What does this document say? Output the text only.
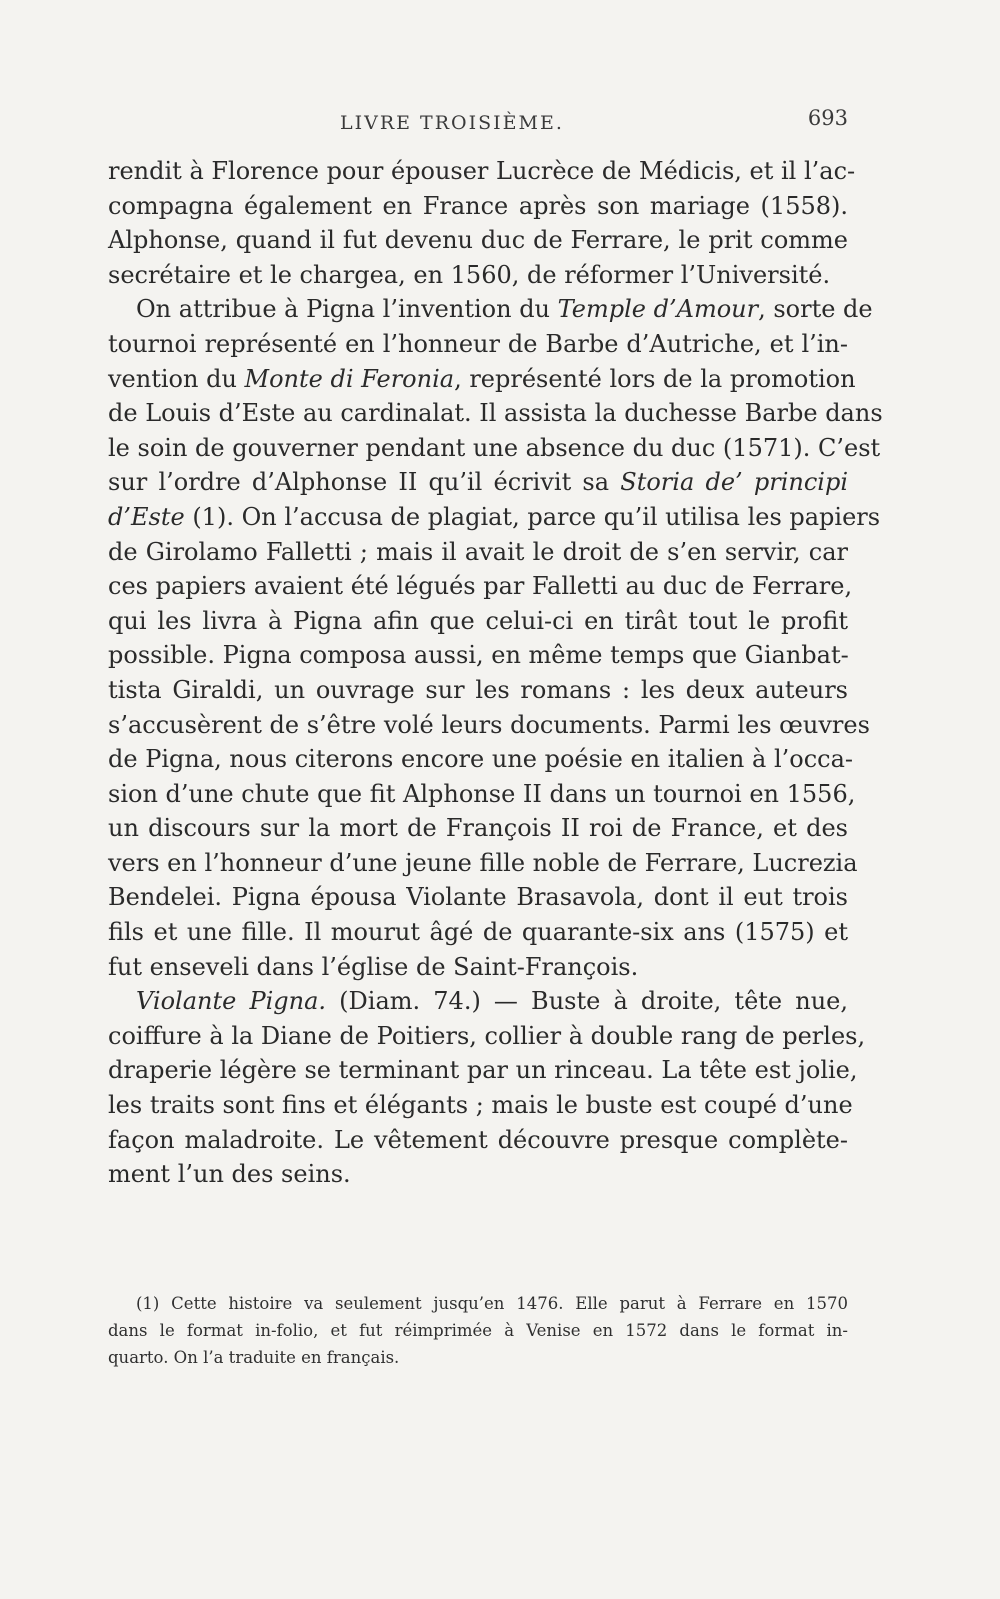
LIVRE TROISIÈME.	693
rendit à Florence pour épouser Lucrèce de Médicis, et il l’ac-
compagna également en France après son mariage (1558).
Alphonse, quand il fut devenu duc de Ferrare, le prit comme
secrétaire et le chargea, en 1560, de réformer l’Université.
On attribue à Pigna l’invention du Temple d’Amour, sorte de
tournoi représenté en l’honneur de Barbe d’Autriche, et l’in-
vention du Monte di Feronia, représenté lors de la promotion
de Louis d’Este au cardinalat. Il assista la duchesse Barbe dans
le soin de gouverner pendant une absence du duc (1571). C’est
sur l’ordre d’Alphonse II qu’il écrivit sa Storia de’ principi
d’Este (1). On l’accusa de plagiat, parce qu’il utilisa les papiers
de Girolamo Falletti ; mais il avait le droit de s’en servir, car
ces papiers avaient été légués par Falletti au duc de Ferrare,
qui les livra à Pigna afin que celui-ci en tirât tout le profit
possible. Pigna composa aussi, en même temps que Gianbat-
tista Giraldi, un ouvrage sur les romans : les deux auteurs
s’accusèrent de s’être volé leurs documents. Parmi les œuvres
de Pigna, nous citerons encore une poésie en italien à l’occa-
sion d’une chute que fit Alphonse II dans un tournoi en 1556,
un discours sur la mort de François II roi de France, et des
vers en l’honneur d’une jeune fille noble de Ferrare, Lucrezia
Bendelei. Pigna épousa Violante Brasavola, dont il eut trois
fils et une fille. Il mourut âgé de quarante-six ans (1575) et
fut enseveli dans l’église de Saint-François.
Violante Pigna. (Diam. 74.) — Buste à droite, tête nue,
coiffure à la Diane de Poitiers, collier à double rang de perles,
draperie légère se terminant par un rinceau. La tête est jolie,
les traits sont fins et élégants ; mais le buste est coupé d’une
façon maladroite. Le vêtement découvre presque complète-
ment l’un des seins.
(1) Cette histoire va seulement jusqu’en 1476. Elle parut à Ferrare en 1570
dans le format in-folio, et fut réimprimée à Venise en 1572 dans le format in-
quarto. On l’a traduite en français.
